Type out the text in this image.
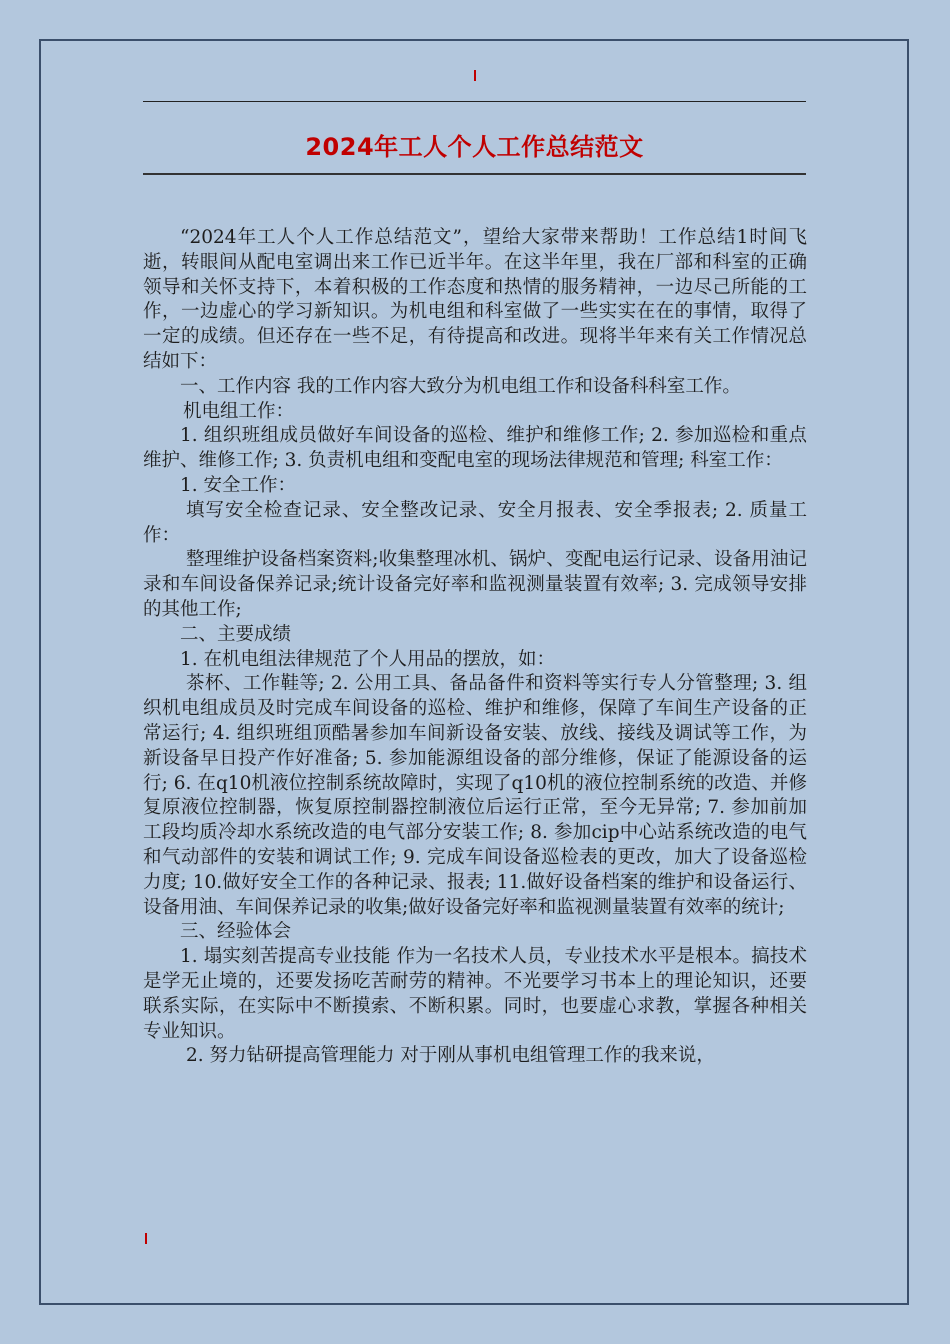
2024年工人个人工作总结范文

“2024年工人个人工作总结范文”，望给大家带来帮助！工作总结1时间飞逝，转眼间从配电室调出来工作已近半年。在这半年里，我在厂部和科室的正确领导和关怀支持下，本着积极的工作态度和热情的服务精神，一边尽己所能的工作，一边虚心的学习新知识。为机电组和科室做了一些实实在在的事情，取得了一定的成绩。但还存在一些不足，有待提高和改进。现将半年来有关工作情况总结如下：

一、工作内容 我的工作内容大致分为机电组工作和设备科科室工作。

机电组工作：

1. 组织班组成员做好车间设备的巡检、维护和维修工作; 2. 参加巡检和重点维护、维修工作; 3. 负责机电组和变配电室的现场法律规范和管理; 科室工作：

1. 安全工作：

填写安全检查记录、安全整改记录、安全月报表、安全季报表; 2. 质量工作：

整理维护设备档案资料;收集整理冰机、锅炉、变配电运行记录、设备用油记录和车间设备保养记录;统计设备完好率和监视测量装置有效率; 3. 完成领导安排的其他工作;

二、主要成绩

1. 在机电组法律规范了个人用品的摆放，如：

茶杯、工作鞋等; 2. 公用工具、备品备件和资料等实行专人分管整理; 3. 组织机电组成员及时完成车间设备的巡检、维护和维修，保障了车间生产设备的正常运行; 4. 组织班组顶酷暑参加车间新设备安装、放线、接线及调试等工作，为新设备早日投产作好准备; 5. 参加能源组设备的部分维修，保证了能源设备的运行; 6. 在q10机液位控制系统故障时，实现了q10机的液位控制系统的改造、并修复原液位控制器，恢复原控制器控制液位后运行正常，至今无异常; 7. 参加前加工段均质冷却水系统改造的电气部分安装工作; 8. 参加cip中心站系统改造的电气和气动部件的安装和调试工作; 9. 完成车间设备巡检表的更改，加大了设备巡检力度; 10.做好安全工作的各种记录、报表; 11.做好设备档案的维护和设备运行、设备用油、车间保养记录的收集;做好设备完好率和监视测量装置有效率的统计;

三、经验体会

1. 塌实刻苦提高专业技能 作为一名技术人员，专业技术水平是根本。搞技术是学无止境的，还要发扬吃苦耐劳的精神。不光要学习书本上的理论知识，还要联系实际，在实际中不断摸索、不断积累。同时，也要虚心求教，掌握各种相关专业知识。

2. 努力钻研提高管理能力 对于刚从事机电组管理工作的我来说，
